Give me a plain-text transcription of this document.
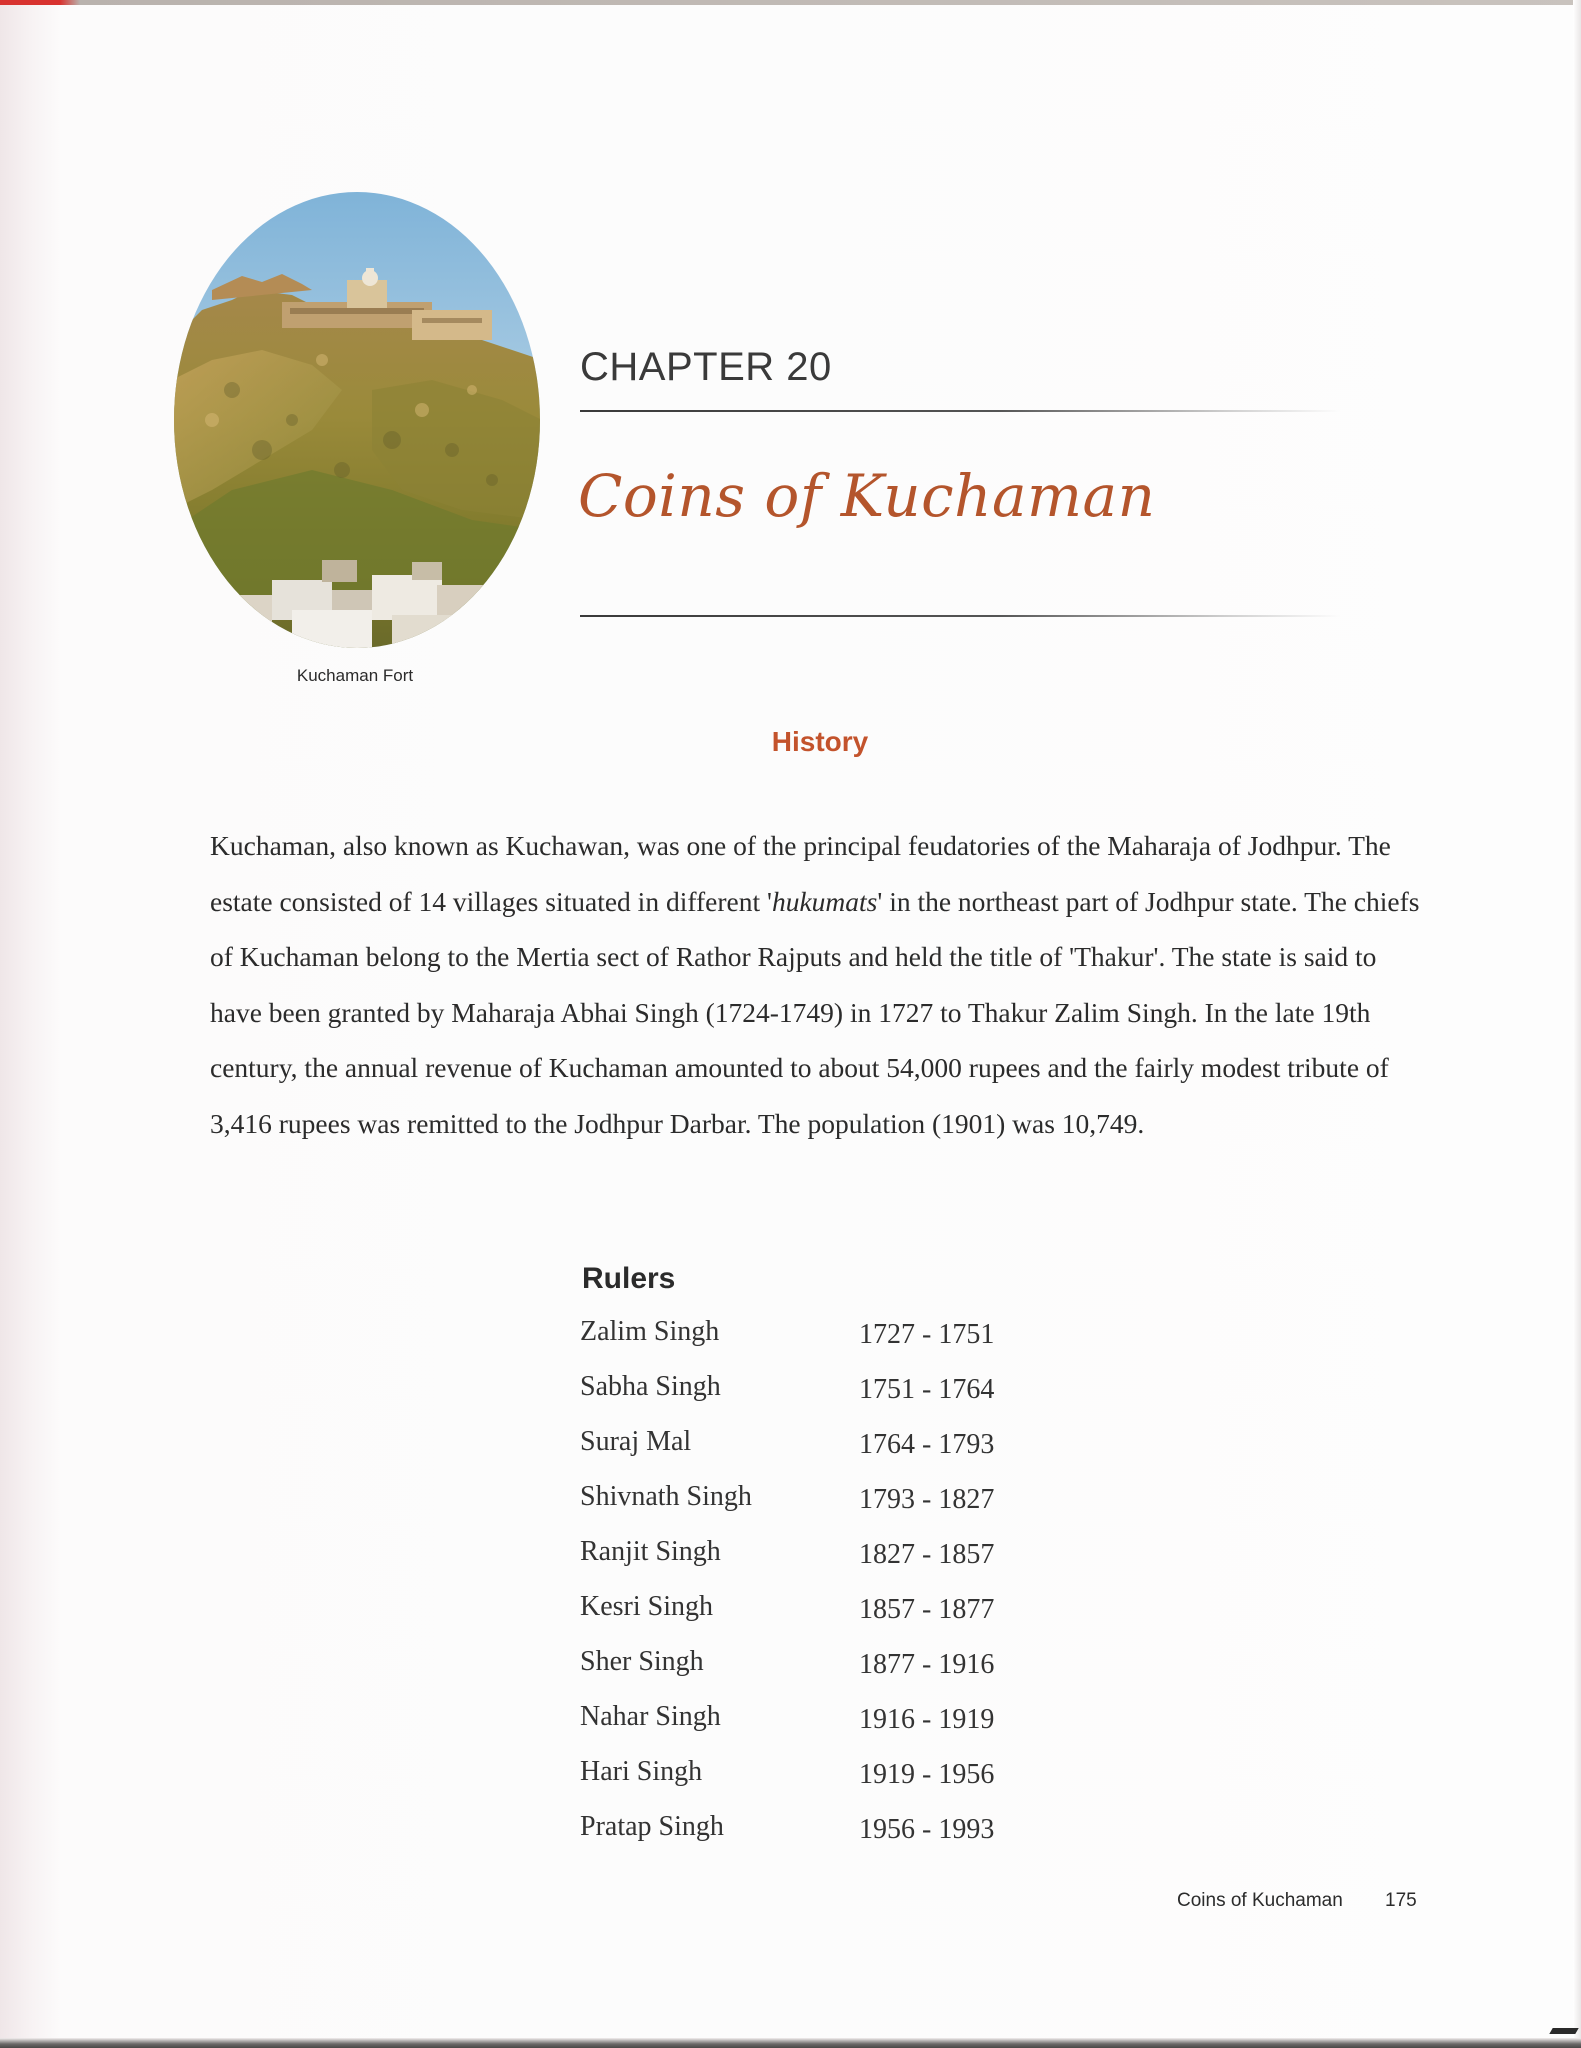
Kuchaman Fort
CHAPTER 20
Coins of Kuchaman
History

Kuchaman, also known as Kuchawan, was one of the principal feudatories of the Maharaja of Jodhpur. The estate consisted of 14 villages situated in different 'hukumats' in the northeast part of Jodhpur state. The chiefs of Kuchaman belong to the Mertia sect of Rathor Rajputs and held the title of 'Thakur'. The state is said to have been granted by Maharaja Abhai Singh (1724-1749) in 1727 to Thakur Zalim Singh. In the late 19th century, the annual revenue of Kuchaman amounted to about 54,000 rupees and the fairly modest tribute of 3,416 rupees was remitted to the Jodhpur Darbar. The population (1901) was 10,749.

Rulers
Zalim Singh	1727 - 1751
Sabha Singh	1751 - 1764
Suraj Mal	1764 - 1793
Shivnath Singh	1793 - 1827
Ranjit Singh	1827 - 1857
Kesri Singh	1857 - 1877
Sher Singh	1877 - 1916
Nahar Singh	1916 - 1919
Hari Singh	1919 - 1956
Pratap Singh	1956 - 1993
Coins of Kuchaman 175
